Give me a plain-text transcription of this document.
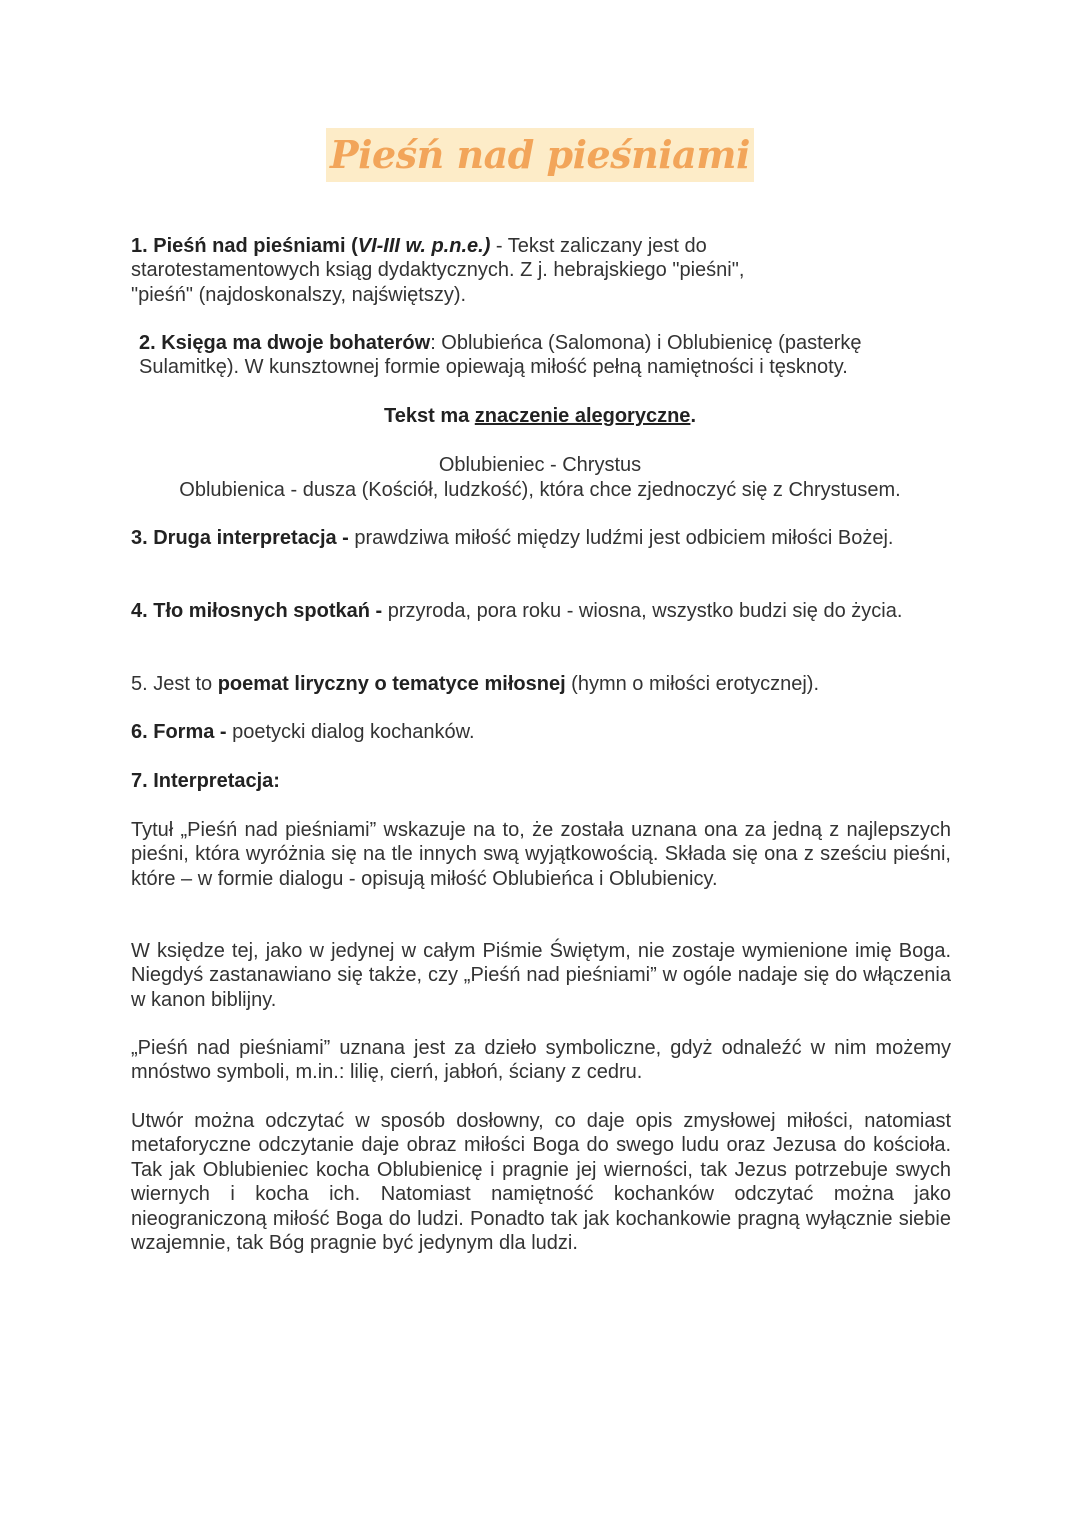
Pieśń nad pieśniami

1. Pieśń nad pieśniami (VI-III w. p.n.e.) - Tekst zaliczany jest do starotestamentowych ksiąg dydaktycznych. Z j. hebrajskiego "pieśni", "pieśń" (najdoskonalszy, najświętszy).

2. Księga ma dwoje bohaterów: Oblubieńca (Salomona) i Oblubienicę (pasterkę Sulamitkę). W kunsztownej formie opiewają miłość pełną namiętności i tęsknoty.

Tekst ma znaczenie alegoryczne.

Oblubieniec - Chrystus

Oblubienica - dusza (Kościół, ludzkość), która chce zjednoczyć się z Chrystusem.

3. Druga interpretacja - prawdziwa miłość między ludźmi jest odbiciem miłości Bożej.

4. Tło miłosnych spotkań - przyroda, pora roku - wiosna, wszystko budzi się do życia.

5. Jest to poemat liryczny o tematyce miłosnej (hymn o miłości erotycznej).

6. Forma - poetycki dialog kochanków.

7. Interpretacja:

Tytuł „Pieśń nad pieśniami” wskazuje na to, że została uznana ona za jedną z najlepszych pieśni, która wyróżnia się na tle innych swą wyjątkowością. Składa się ona z sześciu pieśni, które – w formie dialogu - opisują miłość Oblubieńca i Oblubienicy.

W księdze tej, jako w jedynej w całym Piśmie Świętym, nie zostaje wymienione imię Boga. Niegdyś zastanawiano się także, czy „Pieśń nad pieśniami” w ogóle nadaje się do włączenia w kanon biblijny.

„Pieśń nad pieśniami” uznana jest za dzieło symboliczne, gdyż odnaleźć w nim możemy mnóstwo symboli, m.in.: lilię, cierń, jabłoń, ściany z cedru.

Utwór można odczytać w sposób dosłowny, co daje opis zmysłowej miłości, natomiast metaforyczne odczytanie daje obraz miłości Boga do swego ludu oraz Jezusa do kościoła. Tak jak Oblubieniec kocha Oblubienicę i pragnie jej wierności, tak Jezus potrzebuje swych wiernych i kocha ich. Natomiast namiętność kochanków odczytać można jako nieograniczoną miłość Boga do ludzi. Ponadto tak jak kochankowie pragną wyłącznie siebie wzajemnie, tak Bóg pragnie być jedynym dla ludzi.
